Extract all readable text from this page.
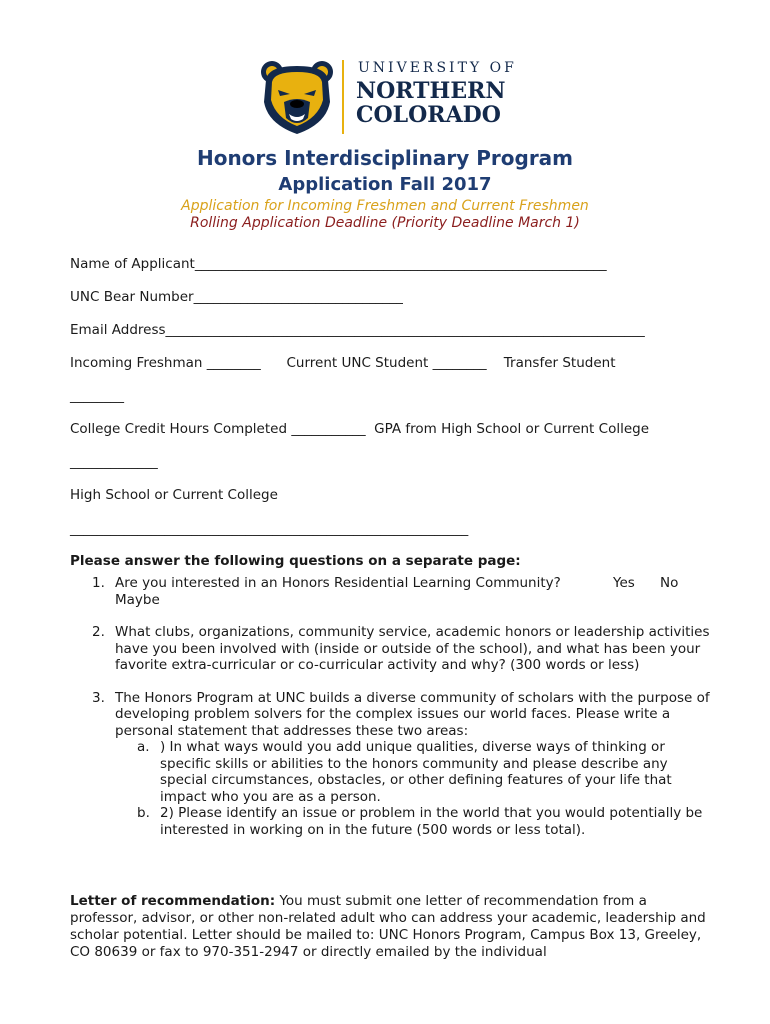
UNIVERSITY OF
NORTHERN
COLORADO
Honors Interdisciplinary Program
Application Fall 2017
Application for Incoming Freshmen and Current Freshmen
Rolling Application Deadline (Priority Deadline March 1)
Name of Applicant_____________________________________________________________
UNC Bear Number_______________________________
Email Address_______________________________________________________________________
Incoming Freshman ________      Current UNC Student ________    Transfer Student
________
College Credit Hours Completed ___________  GPA from High School or Current College
_____________
High School or Current College
___________________________________________________________
Please answer the following questions on a separate page:
1. Are you interested in an Honors Residential Learning Community?	Yes No
Maybe
2. What clubs, organizations, community service, academic honors or leadership activities have you been involved with (inside or outside of the school), and what has been your favorite extra-curricular or co-curricular activity and why? (300 words or less)
3. The Honors Program at UNC builds a diverse community of scholars with the purpose of developing problem solvers for the complex issues our world faces. Please write a personal statement that addresses these two areas:
a. ) In what ways would you add unique qualities, diverse ways of thinking or specific skills or abilities to the honors community and please describe any special circumstances, obstacles, or other defining features of your life that impact who you are as a person.
b. 2) Please identify an issue or problem in the world that you would potentially be interested in working on in the future (500 words or less total).
Letter of recommendation: You must submit one letter of recommendation from a professor, advisor, or other non-related adult who can address your academic, leadership and scholar potential. Letter should be mailed to: UNC Honors Program, Campus Box 13, Greeley, CO 80639 or fax to 970-351-2947 or directly emailed by the individual
